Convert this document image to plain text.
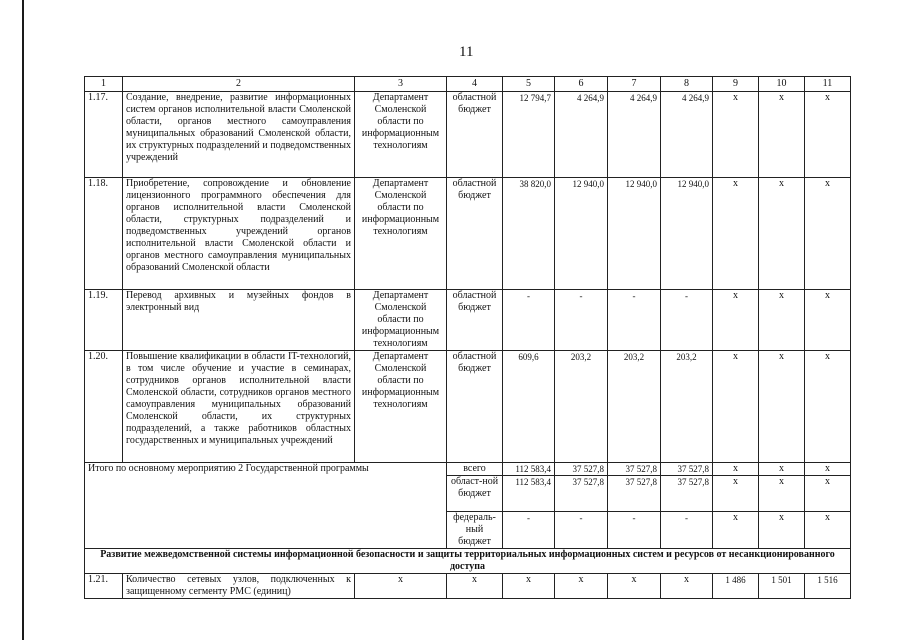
11
1	2	3	4	5	6	7	8	9	10	11
1.17.	Создание, внедрение, развитие информационных систем органов исполнительной власти Смоленской области, органов местного самоуправления муниципальных образований Смоленской области, их структурных подразделений и подведомственных учреждений	Департамент Смоленской области по информационным технологиям	областной бюджет	12 794,7	4 264,9	4 264,9	4 264,9	х	х	х
1.18.	Приобретение, сопровождение и обновление лицензионного программного обеспечения для органов исполнительной власти Смоленской области, структурных подразделений и подведомственных учреждений органов исполнительной власти Смоленской области и органов местного самоуправления муниципальных образований Смоленской области	Департамент Смоленской области по информационным технологиям	областной бюджет	38 820,0	12 940,0	12 940,0	12 940,0	х	х	х
1.19.	Перевод архивных и музейных фондов в электронный вид	Департамент Смоленской области по информационным технологиям	областной бюджет	-	-	-	-	х	х	х
1.20.	Повышение квалификации в области IT-технологий, в том числе обучение и участие в семинарах, сотрудников органов исполнительной власти Смоленской области, сотрудников органов местного самоуправления муниципальных образований Смоленской области, их структурных подразделений, а также работников областных государственных и муниципальных учреждений	Департамент Смоленской области по информационным технологиям	областной бюджет	609,6	203,2	203,2	203,2	х	х	х
Итого по основному мероприятию 2 Государственной программы			всего	112 583,4	37 527,8	37 527,8	37 527,8	х	х	х
			област-ной бюджет	112 583,4	37 527,8	37 527,8	37 527,8	х	х	х
			федераль-ный бюджет	-	-	-	-	х	х	х
Развитие межведомственной системы информационной безопасности и защиты территориальных информационных систем и ресурсов от несанкционированного доступа										
1.21.	Количество сетевых узлов, подключенных к защищенному сегменту РМС (единиц)	х	х	х	х	х	х	1 486	1 501	1 516
